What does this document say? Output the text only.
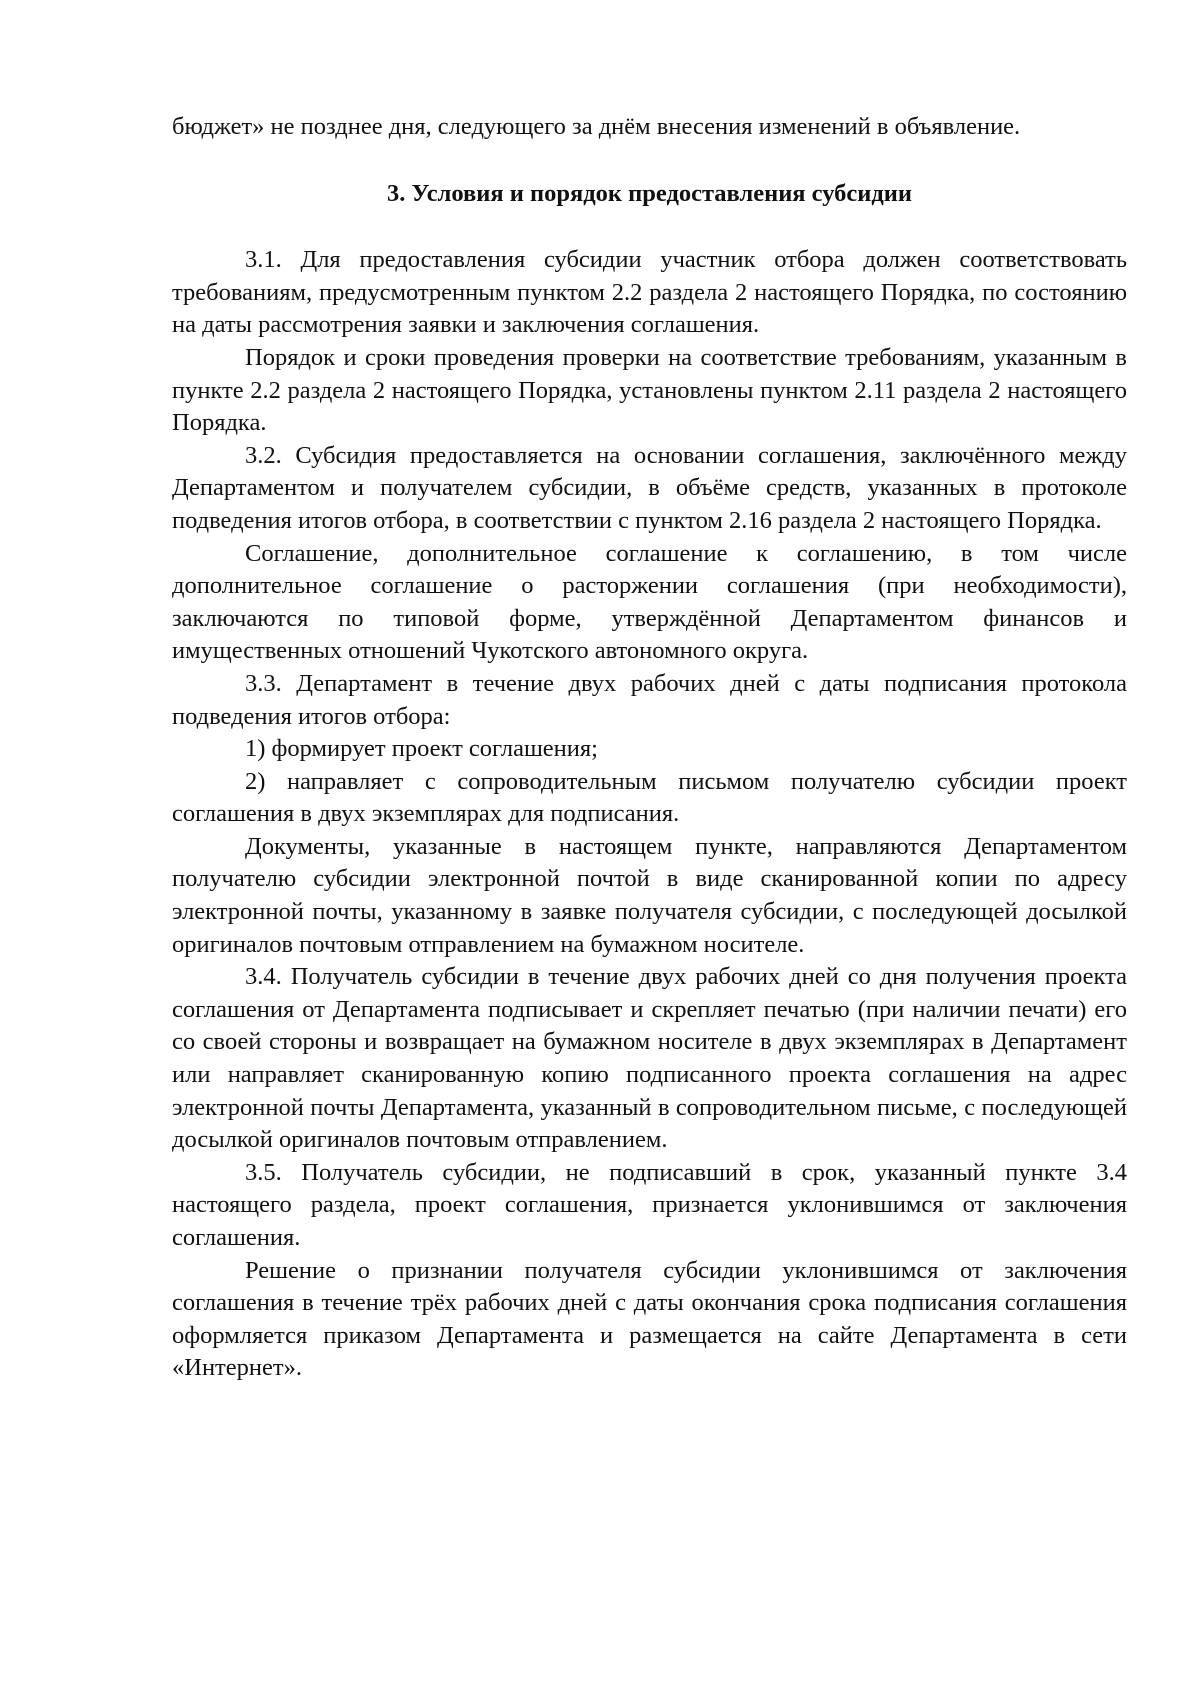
бюджет» не позднее дня, следующего за днём внесения изменений в объявление.

3. Условия и порядок предоставления субсидии

3.1. Для предоставления субсидии участник отбора должен соответствовать требованиям, предусмотренным пунктом 2.2 раздела 2 настоящего Порядка, по состоянию на даты рассмотрения заявки и заключения соглашения.

Порядок и сроки проведения проверки на соответствие требованиям, указанным в пункте 2.2 раздела 2 настоящего Порядка, установлены пунктом 2.11 раздела 2 настоящего Порядка.

3.2. Субсидия предоставляется на основании соглашения, заключённого между Департаментом и получателем субсидии, в объёме средств, указанных в протоколе подведения итогов отбора, в соответствии с пунктом 2.16 раздела 2 настоящего Порядка.

Соглашение, дополнительное соглашение к соглашению, в том числе дополнительное соглашение о расторжении соглашения (при необходимости), заключаются по типовой форме, утверждённой Департаментом финансов и имущественных отношений Чукотского автономного округа.

3.3. Департамент в течение двух рабочих дней с даты подписания протокола подведения итогов отбора:

1) формирует проект соглашения;

2) направляет с сопроводительным письмом получателю субсидии проект соглашения в двух экземплярах для подписания.

Документы, указанные в настоящем пункте, направляются Департаментом получателю субсидии электронной почтой в виде сканированной копии по адресу электронной почты, указанному в заявке получателя субсидии, с последующей досылкой оригиналов почтовым отправлением на бумажном носителе.

3.4. Получатель субсидии в течение двух рабочих дней со дня получения проекта соглашения от Департамента подписывает и скрепляет печатью (при наличии печати) его со своей стороны и возвращает на бумажном носителе в двух экземплярах в Департамент или направляет сканированную копию подписанного проекта соглашения на адрес электронной почты Департамента, указанный в сопроводительном письме, с последующей досылкой оригиналов почтовым отправлением.

3.5. Получатель субсидии, не подписавший в срок, указанный пункте 3.4 настоящего раздела, проект соглашения, признается уклонившимся от заключения соглашения.

Решение о признании получателя субсидии уклонившимся от заключения соглашения в течение трёх рабочих дней с даты окончания срока подписания соглашения оформляется приказом Департамента и размещается на сайте Департамента в сети «Интернет».
